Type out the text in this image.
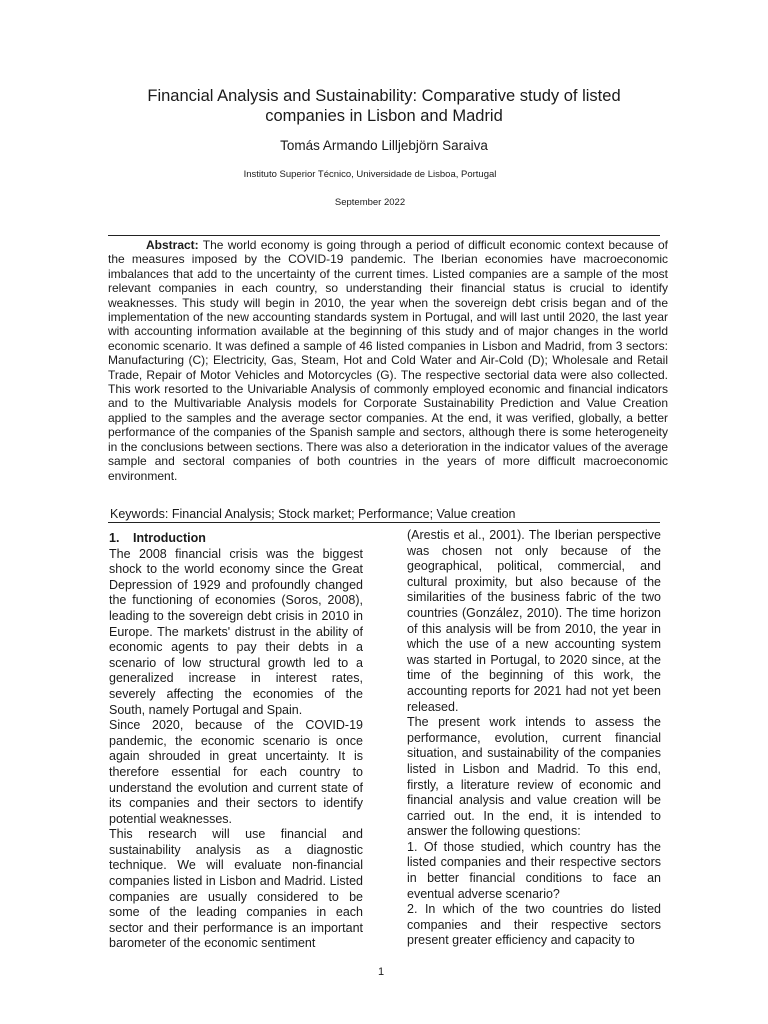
Financial Analysis and Sustainability: Comparative study of listed companies in Lisbon and Madrid
Tomás Armando Lilljebjörn Saraiva
Instituto Superior Técnico, Universidade de Lisboa, Portugal
September 2022

Abstract: The world economy is going through a period of difficult economic context because of the measures imposed by the COVID-19 pandemic. The Iberian economies have macroeconomic imbalances that add to the uncertainty of the current times. Listed companies are a sample of the most relevant companies in each country, so understanding their financial status is crucial to identify weaknesses. This study will begin in 2010, the year when the sovereign debt crisis began and of the implementation of the new accounting standards system in Portugal, and will last until 2020, the last year with accounting information available at the beginning of this study and of major changes in the world economic scenario. It was defined a sample of 46 listed companies in Lisbon and Madrid, from 3 sectors: Manufacturing (C); Electricity, Gas, Steam, Hot and Cold Water and Air-Cold (D); Wholesale and Retail Trade, Repair of Motor Vehicles and Motorcycles (G). The respective sectorial data were also collected. This work resorted to the Univariable Analysis of commonly employed economic and financial indicators and to the Multivariable Analysis models for Corporate Sustainability Prediction and Value Creation applied to the samples and the average sector companies. At the end, it was verified, globally, a better performance of the companies of the Spanish sample and sectors, although there is some heterogeneity in the conclusions between sections. There was also a deterioration in the indicator values of the average sample and sectoral companies of both countries in the years of more difficult macroeconomic environment.

Keywords: Financial Analysis; Stock market; Performance; Value creation

1. Introduction

The 2008 financial crisis was the biggest shock to the world economy since the Great Depression of 1929 and profoundly changed the functioning of economies (Soros, 2008), leading to the sovereign debt crisis in 2010 in Europe. The markets' distrust in the ability of economic agents to pay their debts in a scenario of low structural growth led to a generalized increase in interest rates, severely affecting the economies of the South, namely Portugal and Spain.

Since 2020, because of the COVID-19 pandemic, the economic scenario is once again shrouded in great uncertainty. It is therefore essential for each country to understand the evolution and current state of its companies and their sectors to identify potential weaknesses.

This research will use financial and sustainability analysis as a diagnostic technique. We will evaluate non-financial companies listed in Lisbon and Madrid. Listed companies are usually considered to be some of the leading companies in each sector and their performance is an important barometer of the economic sentiment

(Arestis et al., 2001). The Iberian perspective was chosen not only because of the geographical, political, commercial, and cultural proximity, but also because of the similarities of the business fabric of the two countries (González, 2010). The time horizon of this analysis will be from 2010, the year in which the use of a new accounting system was started in Portugal, to 2020 since, at the time of the beginning of this work, the accounting reports for 2021 had not yet been released.

The present work intends to assess the performance, evolution, current financial situation, and sustainability of the companies listed in Lisbon and Madrid. To this end, firstly, a literature review of economic and financial analysis and value creation will be carried out. In the end, it is intended to answer the following questions:

1. Of those studied, which country has the listed companies and their respective sectors in better financial conditions to face an eventual adverse scenario?

2. In which of the two countries do listed companies and their respective sectors present greater efficiency and capacity to

1
